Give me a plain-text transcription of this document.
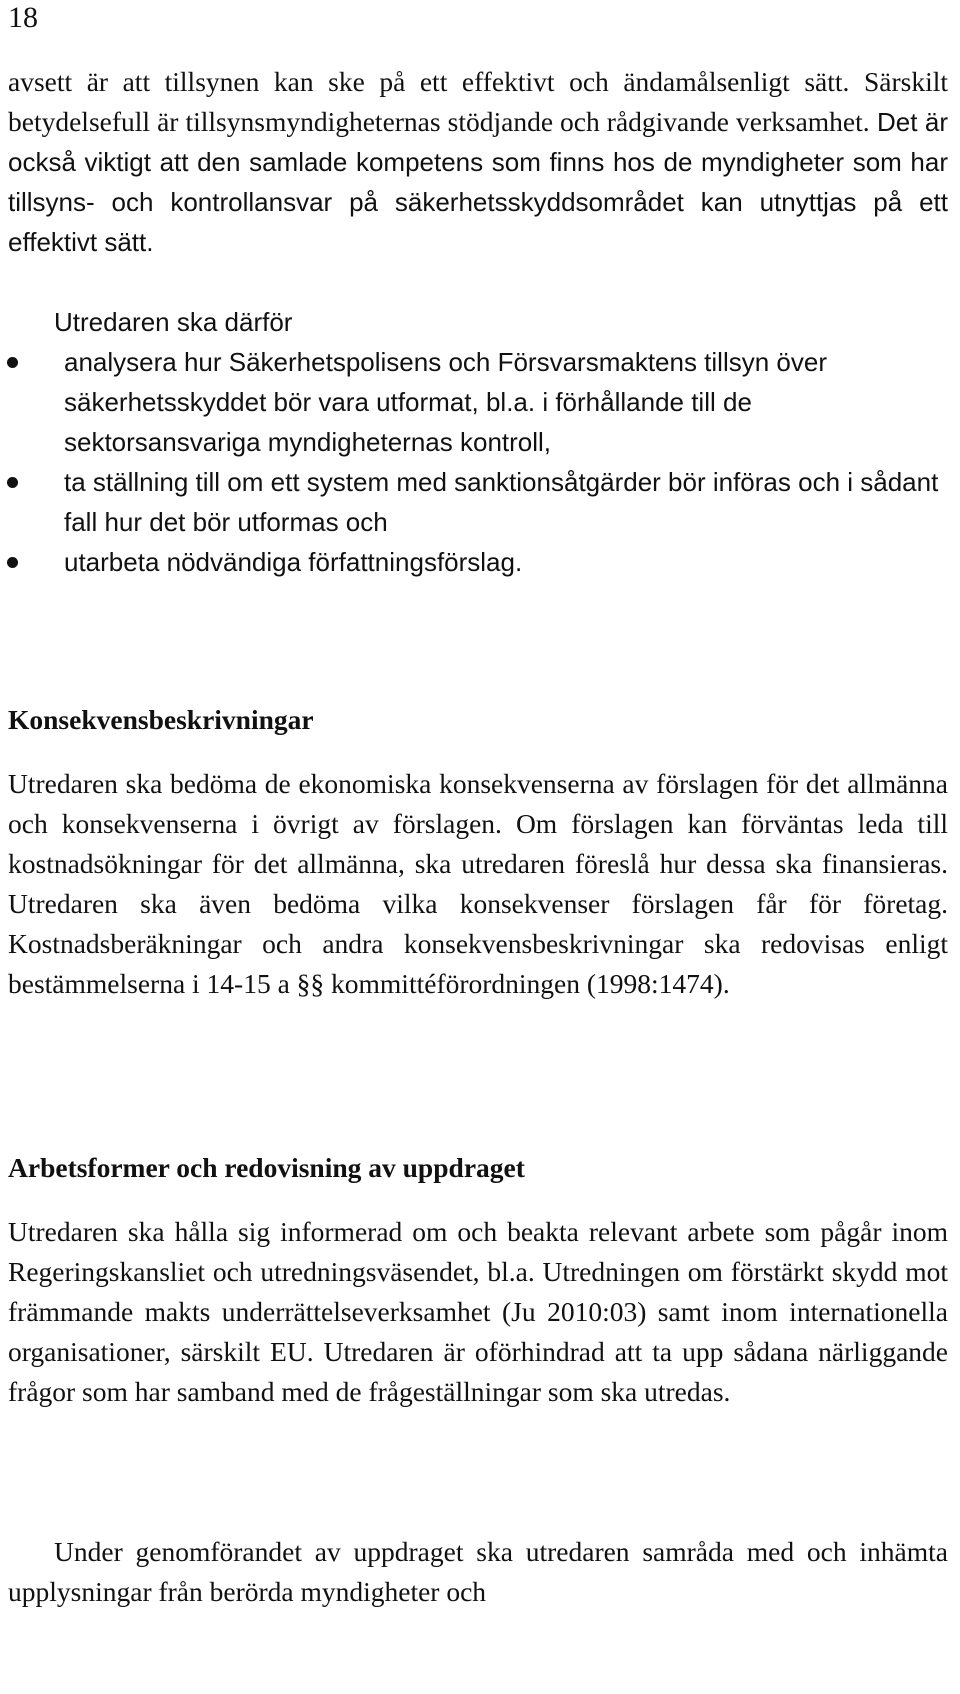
18
avsett är att tillsynen kan ske på ett effektivt och ändamålsenligt sätt. Särskilt betydelsefull är tillsynsmyndigheternas stödjande och rådgivande verksamhet. Det är också viktigt att den samlade kompetens som finns hos de myndigheter som har tillsyns- och kontrollansvar på säkerhetsskyddsområdet kan utnyttjas på ett effektivt sätt.
Utredaren ska därför
analysera hur Säkerhetspolisens och Försvarsmaktens tillsyn över säkerhetsskyddet bör vara utformat, bl.a. i förhållande till de sektorsansvariga myndigheternas kontroll,
ta ställning till om ett system med sanktionsåtgärder bör införas och i sådant fall hur det bör utformas och
utarbeta nödvändiga författningsförslag.
Konsekvensbeskrivningar
Utredaren ska bedöma de ekonomiska konsekvenserna av förslagen för det allmänna och konsekvenserna i övrigt av förslagen. Om förslagen kan förväntas leda till kostnadsökningar för det allmänna, ska utredaren föreslå hur dessa ska finansieras. Utredaren ska även bedöma vilka konsekvenser förslagen får för företag. Kostnadsberäkningar och andra konsekvensbeskrivningar ska redovisas enligt bestämmelserna i 14-15 a §§ kommittéförordningen (1998:1474).
Arbetsformer och redovisning av uppdraget
Utredaren ska hålla sig informerad om och beakta relevant arbete som pågår inom Regeringskansliet och utredningsväsendet, bl.a. Utredningen om förstärkt skydd mot främmande makts underrättelseverksamhet (Ju 2010:03) samt inom internationella organisationer, särskilt EU. Utredaren är oförhindrad att ta upp sådana närliggande frågor som har samband med de frågeställningar som ska utredas.
Under genomförandet av uppdraget ska utredaren samråda med och inhämta upplysningar från berörda myndigheter och
